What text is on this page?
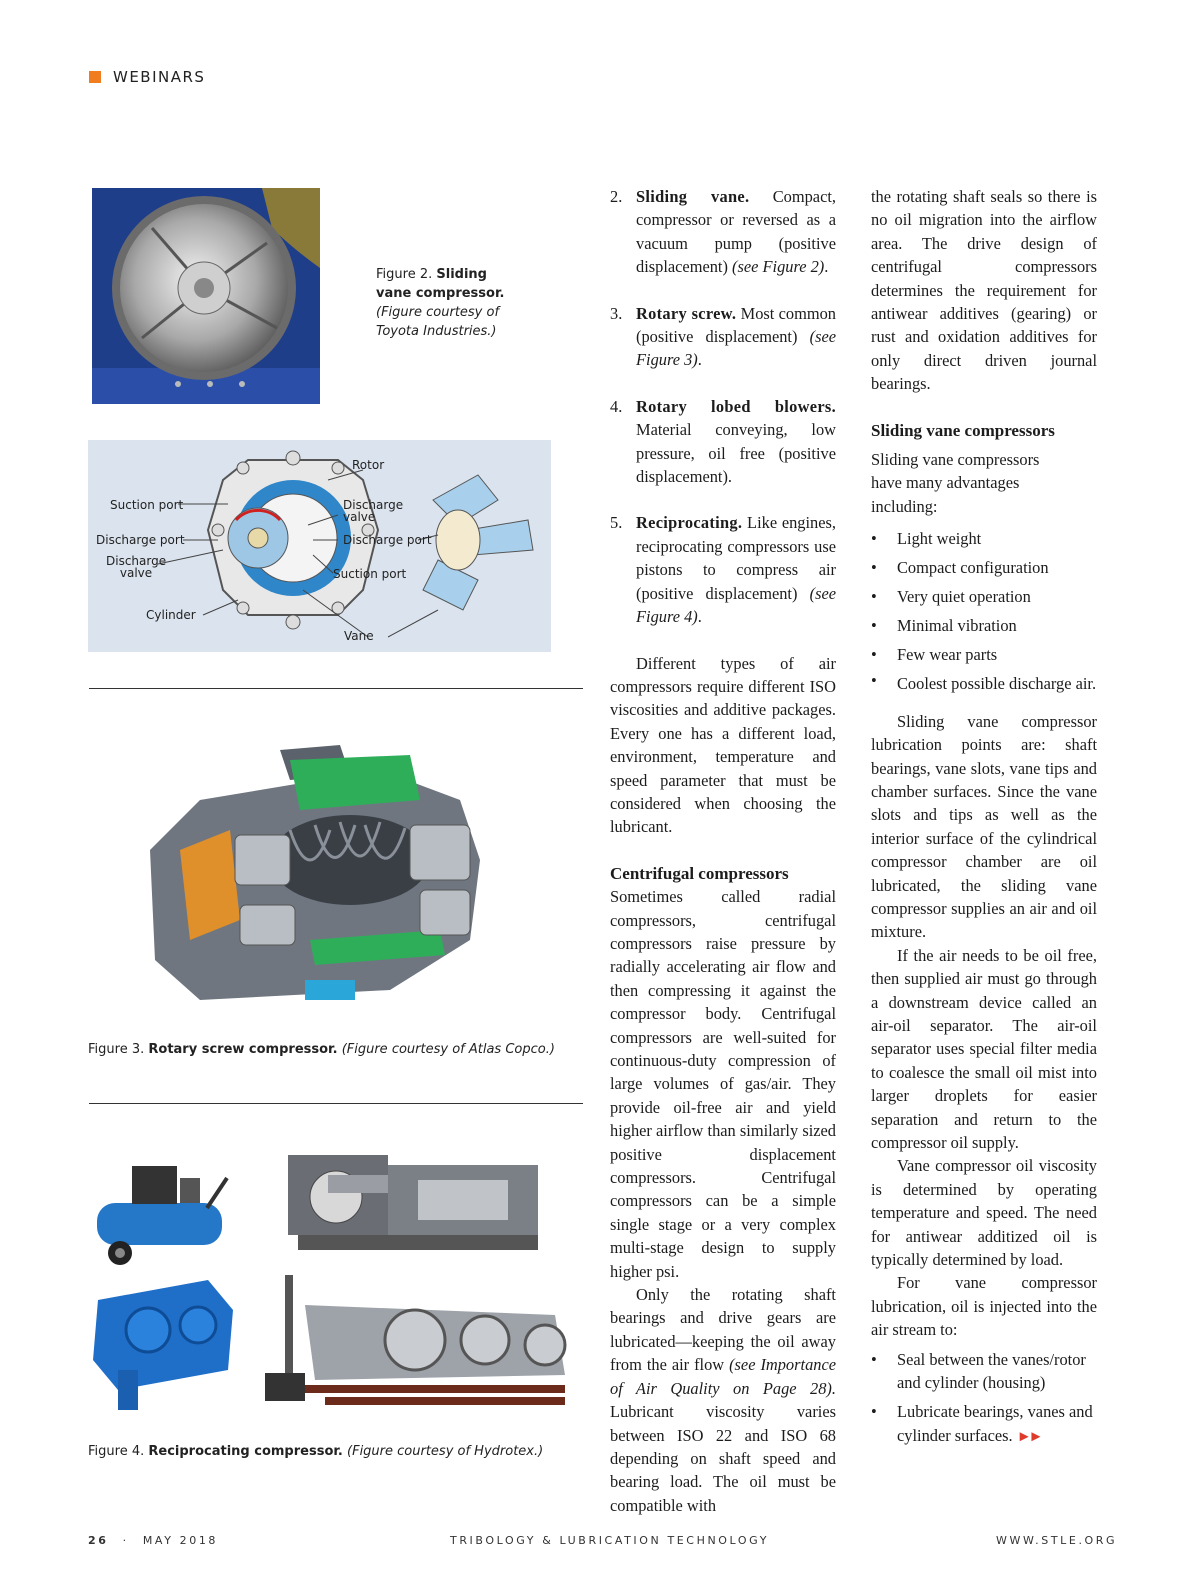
WEBINARS
Figure 2. Sliding vane compressor. (Figure courtesy of Toyota Industries.)
Rotor
Suction port
Discharge port
Discharge valve
Cylinder
Discharge valve
Discharge port
Suction port
Vane
Figure 3. Rotary screw compressor. (Figure courtesy of Atlas Copco.)
Figure 4. Reciprocating compressor. (Figure courtesy of Hydrotex.)
2. Sliding vane. Compact, compressor or reversed as a vacuum pump (positive displacement) (see Figure 2).

3. Rotary screw. Most common (positive displacement) (see Figure 3).

4. Rotary lobed blowers. Material conveying, low pressure, oil free (positive displacement).

5. Reciprocating. Like engines, reciprocating compressors use pistons to compress air (positive displacement) (see Figure 4).

Different types of air compressors require different ISO viscosities and additive packages. Every one has a different load, environment, temperature and speed parameter that must be considered when choosing the lubricant.

Centrifugal compressors

Sometimes called radial compressors, centrifugal compressors raise pressure by radially accelerating air flow and then compressing it against the compressor body. Centrifugal compressors are well-suited for continuous-duty compression of large volumes of gas/air. They provide oil-free air and yield higher airflow than similarly sized positive displacement compressors. Centrifugal compressors can be a simple single stage or a very complex multi-stage design to supply higher psi.

Only the rotating shaft bearings and drive gears are lubricated—keeping the oil away from the air flow (see Importance of Air Quality on Page 28). Lubricant viscosity varies between ISO 22 and ISO 68 depending on shaft speed and bearing load. The oil must be compatible with

the rotating shaft seals so there is no oil migration into the airflow area. The drive design of centrifugal compressors determines the requirement for antiwear additives (gearing) or rust and oxidation additives for only direct driven journal bearings.

Sliding vane compressors

Sliding vane compressors have many advantages including:

• Light weight
• Compact configuration
• Very quiet operation
• Minimal vibration
• Few wear parts
• Coolest possible discharge air.

Sliding vane compressor lubrication points are: shaft bearings, vane slots, vane tips and chamber surfaces. Since the vane slots and tips as well as the interior surface of the cylindrical compressor chamber are oil lubricated, the sliding vane compressor supplies an air and oil mixture.

If the air needs to be oil free, then supplied air must go through a downstream device called an air-oil separator. The air-oil separator uses special filter media to coalesce the small oil mist into larger droplets for easier separation and return to the compressor oil supply.

Vane compressor oil viscosity is determined by operating temperature and speed. The need for antiwear additized oil is typically determined by load.

For vane compressor lubrication, oil is injected into the air stream to:

• Seal between the vanes/rotor and cylinder (housing)
• Lubricate bearings, vanes and cylinder surfaces. ►►
26 · MAY 2018	TRIBOLOGY & LUBRICATION TECHNOLOGY	WWW.STLE.ORG
